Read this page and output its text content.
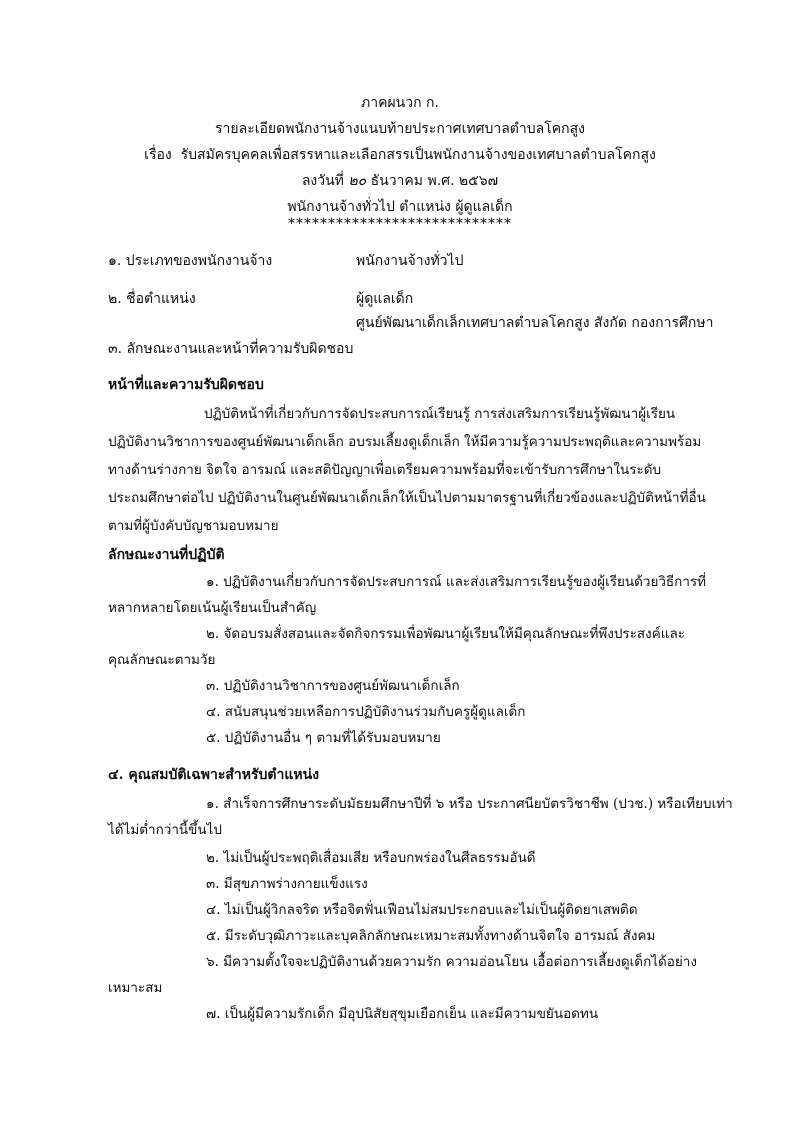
ภาคผนวก ก.
รายละเอียดพนักงานจ้างแนบท้ายประกาศเทศบาลตำบลโคกสูง
เรื่อง รับสมัครบุคคลเพื่อสรรหาและเลือกสรรเป็นพนักงานจ้างของเทศบาลตำบลโคกสูง
ลงวันที่ ๒๐ ธันวาคม พ.ศ. ๒๕๖๗
พนักงานจ้างทั่วไป ตำแหน่ง ผู้ดูแลเด็ก
****************************
๑. ประเภทของพนักงานจ้าง	พนักงานจ้างทั่วไป
๒. ชื่อตำแหน่ง	ผู้ดูแลเด็ก
ศูนย์พัฒนาเด็กเล็กเทศบาลตำบลโคกสูง สังกัด กองการศึกษา
๓. ลักษณะงานและหน้าที่ความรับผิดชอบ
หน้าที่และความรับผิดชอบ
ปฏิบัติหน้าที่เกี่ยวกับการจัดประสบการณ์เรียนรู้ การส่งเสริมการเรียนรู้พัฒนาผู้เรียน
ปฏิบัติงานวิชาการของศูนย์พัฒนาเด็กเล็ก อบรมเลี้ยงดูเด็กเล็ก ให้มีความรู้ความประพฤติและความพร้อม
ทางด้านร่างกาย จิตใจ อารมณ์ และสติปัญญาเพื่อเตรียมความพร้อมที่จะเข้ารับการศึกษาในระดับ
ประถมศึกษาต่อไป ปฏิบัติงานในศูนย์พัฒนาเด็กเล็กให้เป็นไปตามมาตรฐานที่เกี่ยวข้องและปฏิบัติหน้าที่อื่น
ตามที่ผู้บังคับบัญชามอบหมาย
ลักษณะงานที่ปฏิบัติ
๑. ปฏิบัติงานเกี่ยวกับการจัดประสบการณ์ และส่งเสริมการเรียนรู้ของผู้เรียนด้วยวิธีการที่
หลากหลายโดยเน้นผู้เรียนเป็นสำคัญ
๒. จัดอบรมสั่งสอนและจัดกิจกรรมเพื่อพัฒนาผู้เรียนให้มีคุณลักษณะที่พึงประสงค์และ
คุณลักษณะตามวัย
๓. ปฏิบัติงานวิชาการของศูนย์พัฒนาเด็กเล็ก
๔. สนับสนุนช่วยเหลือการปฏิบัติงานร่วมกับครูผู้ดูแลเด็ก
๕. ปฏิบัติงานอื่น ๆ ตามที่ได้รับมอบหมาย
๔. คุณสมบัติเฉพาะสำหรับตำแหน่ง
๑. สำเร็จการศึกษาระดับมัธยมศึกษาปีที่ ๖ หรือ ประกาศนียบัตรวิชาชีพ (ปวช.) หรือเทียบเท่า
ได้ไม่ต่ำกว่านี้ขึ้นไป
๒. ไม่เป็นผู้ประพฤติเสื่อมเสีย หรือบกพร่องในศีลธรรมอันดี
๓. มีสุขภาพร่างกายแข็งแรง
๔. ไม่เป็นผู้วิกลจริต หรือจิตฟั่นเฟือนไม่สมประกอบและไม่เป็นผู้ติดยาเสพติด
๕. มีระดับวุฒิภาวะและบุคลิกลักษณะเหมาะสมทั้งทางด้านจิตใจ อารมณ์ สังคม
๖. มีความตั้งใจจะปฏิบัติงานด้วยความรัก ความอ่อนโยน เอื้อต่อการเลี้ยงดูเด็กได้อย่าง
เหมาะสม
๗. เป็นผู้มีความรักเด็ก มีอุปนิสัยสุขุมเยือกเย็น และมีความขยันอดทน
